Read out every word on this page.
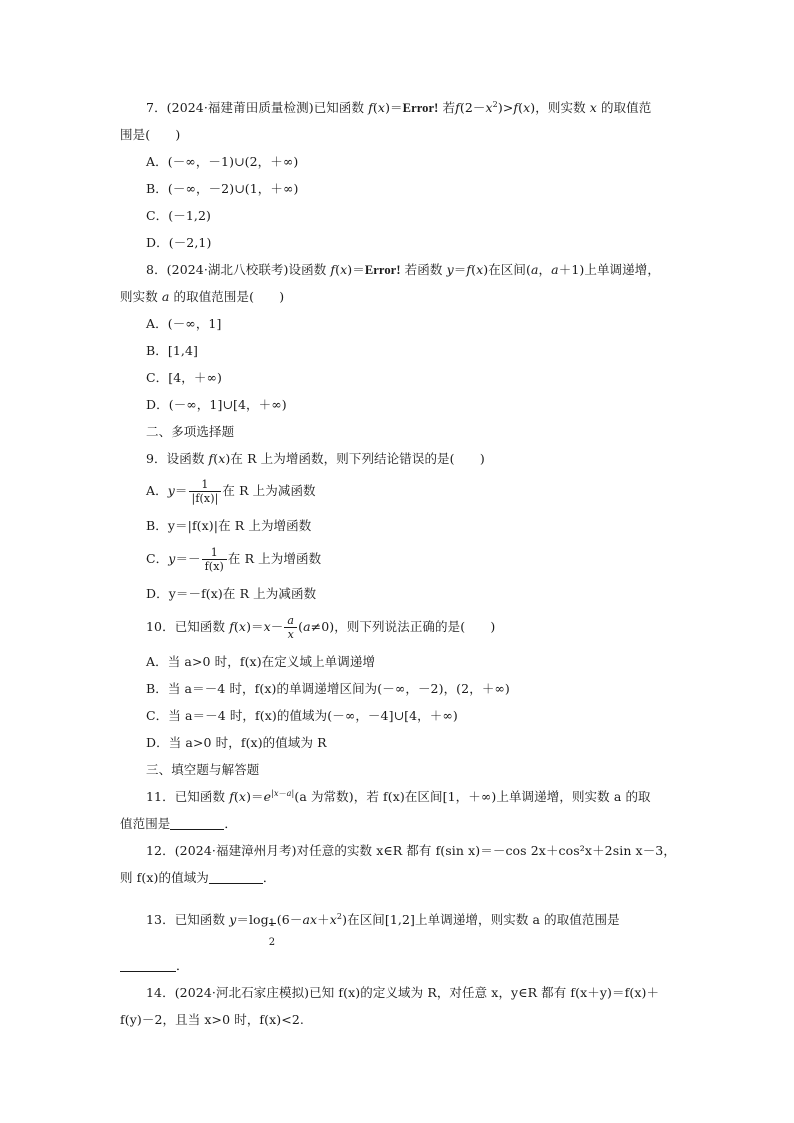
7．(2024·福建莆田质量检测)已知函数 f(x)＝Error! 若$f(2-x^2)>f(x)$，则实数 x 的取值范
围是(　　)
A．(－∞，－1)∪(2，＋∞)
B．(－∞，－2)∪(1，＋∞)
C．(－1,2)
D．(－2,1)
8．(2024·湖北八校联考)设函数 f(x)＝Error! 若函数 y＝f(x)在区间(a，a＋1)上单调递增，
则实数 a 的取值范围是(　　)
A．(－∞，1]
B．[1,4]
C．[4，＋∞)
D．(－∞，1]∪[4，＋∞)
二、多项选择题
9．设函数 f(x)在 R 上为增函数，则下列结论错误的是(　　)
A．$y= \frac{1}{|f(x)|}$ 在 R 上为减函数
B．y＝|f(x)|在 R 上为增函数
C．$y=- \frac{1}{f(x)}$ 在 R 上为增函数
D．y＝－f(x)在 R 上为减函数
10．已知函数 $f(x)=x- \frac{a}{x} (a\ne 0)$，则下列说法正确的是(　　)
A．当 a>0 时，f(x)在定义域上单调递增
B．当 a＝－4 时，f(x)的单调递增区间为(－∞，－2)，(2，＋∞)
C．当 a＝－4 时，f(x)的值域为(－∞，－4]∪[4，＋∞)
D．当 a>0 时，f(x)的值域为 R
三、填空题与解答题
11．已知函数 $f(x)=e^{|x-a|}(a$ 为常数)，若 f(x)在区间[1，＋∞)上单调递增，则实数 a 的取
值范围是	．
12．(2024·福建漳州月考)对任意的实数 x∈R 都有 f(sin x)＝－cos 2x＋cos²x＋2sin x－3，
则 f(x)的值域为	．
13．已知函数 y＝log
$\frac{1}{2}$
$(6-ax+x^2)$在区间[1,2]上单调递增，则实数 a 的取值范围是
．
14．(2024·河北石家庄模拟)已知 f(x)的定义域为 R，对任意 x，y∈R 都有 f(x＋y)＝f(x)＋
f(y)－2，且当 x>0 时，f(x)<2.
